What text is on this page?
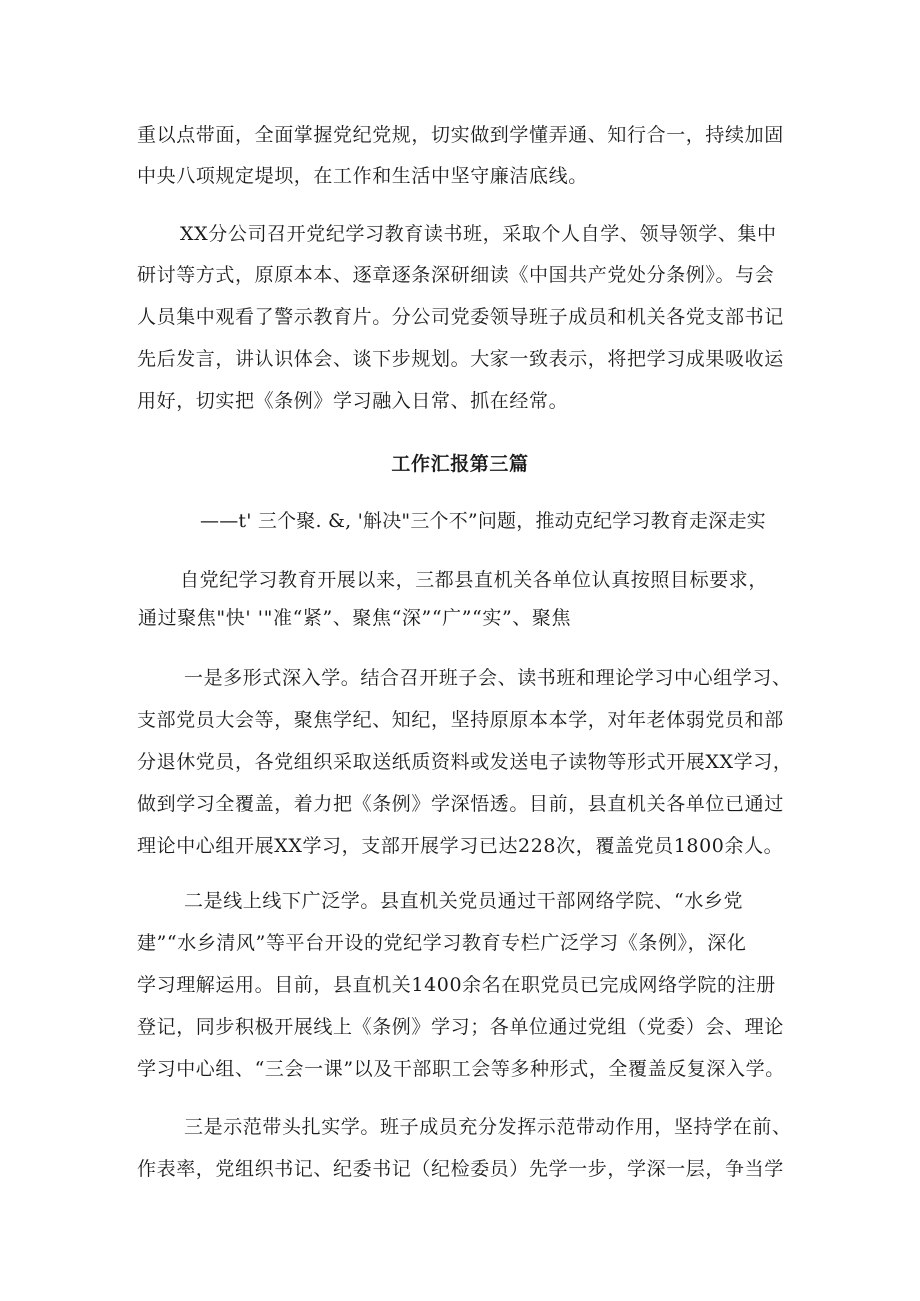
重以点带面，全面掌握党纪党规，切实做到学懂弄通、知行合一，持续加固
中央八项规定堤坝，在工作和生活中坚守廉洁底线。
XX分公司召开党纪学习教育读书班，采取个人自学、领导领学、集中
研讨等方式，原原本本、逐章逐条深研细读《中国共产党处分条例》。与会
人员集中观看了警示教育片。分公司党委领导班子成员和机关各党支部书记
先后发言，讲认识体会、谈下步规划。大家一致表示，将把学习成果吸收运
用好，切实把《条例》学习融入日常、抓在经常。
工作汇报第三篇
——t' 三个聚. &, '斛决"三个不”问题，推动克纪学习教育走深走实
自党纪学习教育开展以来，三都县直机关各单位认真按照目标要求，
通过聚焦"快' '"准“紧”、聚焦“深”“广”“实”、聚焦
一是多形式深入学。结合召开班子会、读书班和理论学习中心组学习、
支部党员大会等，聚焦学纪、知纪，坚持原原本本学，对年老体弱党员和部
分退休党员，各党组织采取送纸质资料或发送电子读物等形式开展XX学习，
做到学习全覆盖，着力把《条例》学深悟透。目前，县直机关各单位已通过
理论中心组开展XX学习，支部开展学习已达228次，覆盖党员1800余人。
二是线上线下广泛学。县直机关党员通过干部网络学院、“水乡党
建”“水乡清风”等平台开设的党纪学习教育专栏广泛学习《条例》，深化
学习理解运用。目前，县直机关1400余名在职党员已完成网络学院的注册
登记，同步积极开展线上《条例》学习；各单位通过党组（党委）会、理论
学习中心组、“三会一课”以及干部职工会等多种形式，全覆盖反复深入学。
三是示范带头扎实学。班子成员充分发挥示范带动作用，坚持学在前、
作表率，党组织书记、纪委书记（纪检委员）先学一步，学深一层，争当学
